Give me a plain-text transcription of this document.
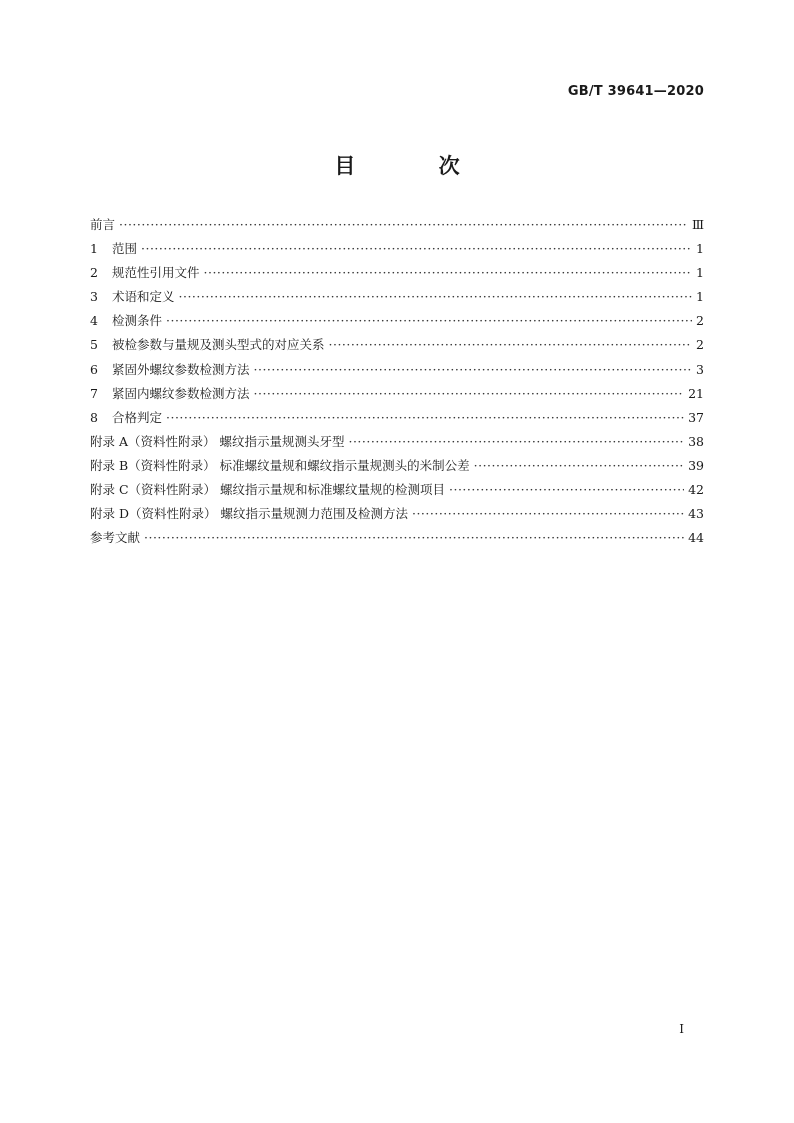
GB/T 39641—2020
目 次
前言 ·····	Ⅲ
1	范围 ·····	1
2	规范性引用文件 ·····	1
3	术语和定义 ·····	1
4	检测条件 ·····	2
5	被检参数与量规及测头型式的对应关系 ·····	2
6	紧固外螺纹参数检测方法 ·····	3
7	紧固内螺纹参数检测方法 ·····	21
8	合格判定 ·····	37
附录 A（资料性附录） 螺纹指示量规测头牙型 ·····	38
附录 B（资料性附录） 标准螺纹量规和螺纹指示量规测头的米制公差 ·····	39
附录 C（资料性附录） 螺纹指示量规和标准螺纹量规的检测项目 ·····	42
附录 D（资料性附录） 螺纹指示量规测力范围及检测方法 ·····	43
参考文献 ·····	44
Ⅰ
